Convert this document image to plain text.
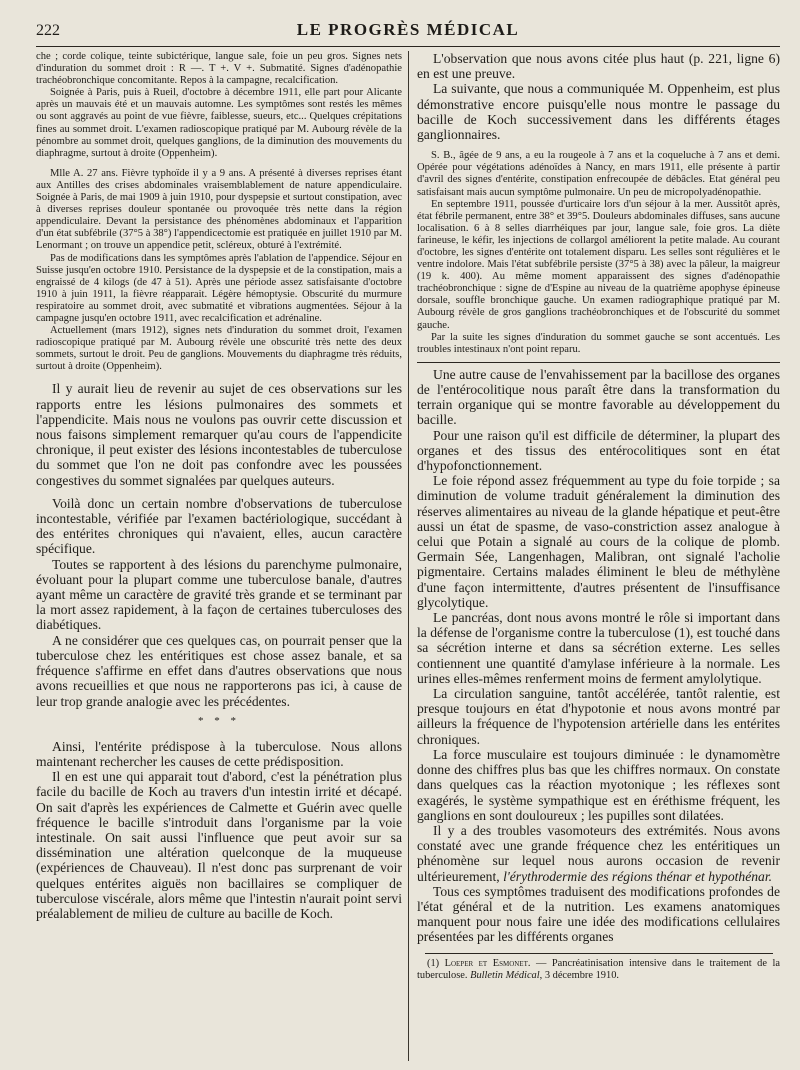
222	LE PROGRÈS MÉDICAL

che ; corde colique, teinte subictérique, langue sale, foie un peu gros. Signes nets d'induration du sommet droit : R —. T +. V +. Submatité. Signes d'adénopathie trachéobronchique concomitante. Repos à la campagne, recalcification.

Soignée à Paris, puis à Rueil, d'octobre à décembre 1911, elle part pour Alicante après un mauvais été et un mauvais automne. Les symptômes sont restés les mêmes ou sont aggravés au point de vue fièvre, faiblesse, sueurs, etc... Quelques crépitations fines au sommet droit. L'examen radioscopique pratiqué par M. Aubourg révèle de la pénombre au sommet droit, quelques ganglions, de la diminution des mouvements du diaphragme, surtout à droite (Oppenheim).

Mlle A. 27 ans. Fièvre typhoïde il y a 9 ans. A présenté à diverses reprises étant aux Antilles des crises abdominales vraisemblablement de nature appendiculaire. Soignée à Paris, de mai 1909 à juin 1910, pour dyspepsie et surtout constipation, avec à diverses reprises douleur spontanée ou provoquée très nette dans la région appendiculaire. Devant la persistance des phénomènes abdominaux et l'apparition d'un état subfébrile (37°5 à 38°) l'appendicectomie est pratiquée en juillet 1910 par M. Lenormant ; on trouve un appendice petit, scléreux, obturé à l'extrémité.

Pas de modifications dans les symptômes après l'ablation de l'appendice. Séjour en Suisse jusqu'en octobre 1910. Persistance de la dyspepsie et de la constipation, mais a engraissé de 4 kilogs (de 47 à 51). Après une période assez satisfaisante d'octobre 1910 à juin 1911, la fièvre réapparait. Légère hémoptysie. Obscurité du murmure respiratoire au sommet droit, avec submatité et vibrations augmentées. Séjour à la campagne jusqu'en octobre 1911, avec recalcification et adrénaline.

Actuellement (mars 1912), signes nets d'induration du sommet droit, l'examen radioscopique pratiqué par M. Aubourg révèle une obscurité très nette des deux sommets, surtout le droit. Peu de ganglions. Mouvements du diaphragme très réduits, surtout à droite (Oppenheim).

Il y aurait lieu de revenir au sujet de ces observations sur les rapports entre les lésions pulmonaires des sommets et l'appendicite. Mais nous ne voulons pas ouvrir cette discussion et nous faisons simplement remarquer qu'au cours de l'appendicite chronique, il peut exister des lésions incontestables de tuberculose du sommet que l'on ne doit pas confondre avec les poussées congestives du sommet signalées par quelques auteurs.

Voilà donc un certain nombre d'observations de tuberculose incontestable, vérifiée par l'examen bactériologique, succédant à des entérites chroniques qui n'avaient, elles, aucun caractère spécifique.

Toutes se rapportent à des lésions du parenchyme pulmonaire, évoluant pour la plupart comme une tuberculose banale, d'autres ayant même un caractère de gravité très grande et se terminant par la mort assez rapidement, à la façon de certaines tuberculoses des diabétiques.

A ne considérer que ces quelques cas, on pourrait penser que la tuberculose chez les entéritiques est chose assez banale, et sa fréquence s'affirme en effet dans d'autres observations que nous avons recueillies et que nous ne rapporterons pas ici, à cause de leur trop grande analogie avec les précédentes.

* * *

Ainsi, l'entérite prédispose à la tuberculose. Nous allons maintenant rechercher les causes de cette prédisposition.

Il en est une qui apparait tout d'abord, c'est la pénétration plus facile du bacille de Koch au travers d'un intestin irrité et décapé. On sait d'après les expériences de Calmette et Guérin avec quelle fréquence le bacille s'introduit dans l'organisme par la voie intestinale. On sait aussi l'influence que peut avoir sur sa dissémination une altération quelconque de la muqueuse (expériences de Chauveau). Il n'est donc pas surprenant de voir quelques entérites aiguës non bacillaires se compliquer de tuberculose viscérale, alors même que l'intestin n'aurait point servi préalablement de milieu de culture au bacille de Koch.

L'observation que nous avons citée plus haut (p. 221, ligne 6) en est une preuve.

La suivante, que nous a communiquée M. Oppenheim, est plus démonstrative encore puisqu'elle nous montre le passage du bacille de Koch successivement dans les différents étages ganglionnaires.

S. B., âgée de 9 ans, a eu la rougeole à 7 ans et la coqueluche à 7 ans et demi. Opérée pour végétations adénoïdes à Nancy, en mars 1911, elle présente à partir d'avril des signes d'entérite, constipation enfrecoupée de débâcles. Etat général peu satisfaisant mais aucun symptôme pulmonaire. Un peu de micropolyadénopathie.

En septembre 1911, poussée d'urticaire lors d'un séjour à la mer. Aussitôt après, état fébrile permanent, entre 38° et 39°5. Douleurs abdominales diffuses, sans aucune localisation. 6 à 8 selles diarrhéiques par jour, langue sale, foie gros. La diète farineuse, le kéfir, les injections de collargol améliorent la petite malade. Au courant d'octobre, les signes d'entérite ont totalement disparu. Les selles sont régulières et le ventre indolore. Mais l'état subfébrile persiste (37°5 à 38) avec la pâleur, la maigreur (19 k. 400). Au même moment apparaissent des signes d'adénopathie trachéobronchique : signe de d'Espine au niveau de la quatrième apophyse épineuse dorsale, souffle bronchique gauche. Un examen radiographique pratiqué par M. Aubourg révèle de gros ganglions trachéobronchiques et de l'obscurité du sommet gauche.

Par la suite les signes d'induration du sommet gauche se sont accentués. Les troubles intestinaux n'ont point reparu.

Une autre cause de l'envahissement par la bacillose des organes de l'entérocolitique nous paraît être dans la transformation du terrain organique qui se montre favorable au développement du bacille.

Pour une raison qu'il est difficile de déterminer, la plupart des organes et des tissus des entérocolitiques sont en état d'hypofonctionnement.

Le foie répond assez fréquemment au type du foie torpide ; sa diminution de volume traduit généralement la diminution des réserves alimentaires au niveau de la glande hépatique et peut-être aussi un état de spasme, de vaso-constriction assez analogue à celui que Potain a signalé au cours de la colique de plomb. Germain Sée, Langenhagen, Malibran, ont signalé l'acholie pigmentaire. Certains malades éliminent le bleu de méthylène d'une façon intermittente, d'autres présentent de l'insuffisance glycolytique.

Le pancréas, dont nous avons montré le rôle si important dans la défense de l'organisme contre la tuberculose (1), est touché dans sa sécrétion interne et dans sa sécrétion externe. Les selles contiennent une quantité d'amylase inférieure à la normale. Les urines elles-mêmes renferment moins de ferment amylolytique.

La circulation sanguine, tantôt accélérée, tantôt ralentie, est presque toujours en état d'hypotonie et nous avons montré par ailleurs la fréquence de l'hypotension artérielle dans les entérites chroniques.

La force musculaire est toujours diminuée : le dynamomètre donne des chiffres plus bas que les chiffres normaux. On constate dans quelques cas la réaction myotonique ; les réflexes sont exagérés, le système sympathique est en éréthisme fréquent, les ganglions en sont douloureux ; les pupilles sont dilatées.

Il y a des troubles vasomoteurs des extrémités. Nous avons constaté avec une grande fréquence chez les entéritiques un phénomène sur lequel nous aurons occasion de revenir ultérieurement, l'érythrodermie des régions thénar et hypothénar.

Tous ces symptômes traduisent des modifications profondes de l'état général et de la nutrition. Les examens anatomiques manquent pour nous faire une idée des modifications cellulaires présentées par les différents organes

(1) Loeper et Esmonet. — Pancréatinisation intensive dans le traitement de la tuberculose. Bulletin Médical, 3 décembre 1910.
